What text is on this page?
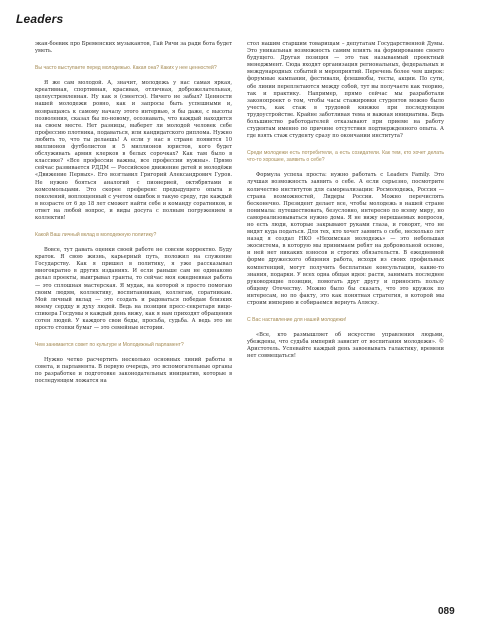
Leaders

экан-боевик про Бременских музыкантов, Гай Ричи за ради бота будет уметь.

Вы часто выступаете перед молодежью. Какая она? Каких у нее ценностей?

Я же сам молодой. А, значит, молодежь у нас самая яркая, креативная, спортивная, красивая, отличная, доброжелательная, целеустремленная. Ну как я (смеется). Ничего не забыл? Ценности нашей молодежи ровно, как и запросы быть успешными и, возвращаясь к самому началу этого интервью, я бы даже, с высоты позволения, сказал бы по-новому, осознавать, что каждый находится на своем месте. Нет разницы, выберет ли молодой человек себе профессию плотника, подаваться, или кандидатского диплома. Нужно любить то, что ты делаешь! А если у нас в стране появится 10 миллионов футболистов и 5 миллионов юристов, кого будет обслуживать армия клерков в белых сорочках? Как там было в классике? «Все профессии важны, все профессии нужны». Прямо сейчас развивается РДДМ — Российское движение детей и молодёжи «Движение Первых». Его возглавил Григорий Александрович Гуров. Не нужно бояться аналогий с пионерией, октябрятами и комсомольцами. Это скорее преференс предыдущего опыта и поколений, воплощенный с учетом ошибок в такую среду, где каждый в возрасте от 6 до 18 лет сможет найти себе и команду соратников, и ответ на любой вопрос, и виды досуга с полным погружением в коллектив!

Какой Ваш личный вклад в молодежную политику?

Вовсе, тут давать оценки своей работе не совсем корректно. Буду краток. Я свою жизнь, карьерный путь, положил на служение Государству. Как я пришел в политику, я уже рассказывал многократно в других изданиях. И если раньше сам не одинаково делал проекты, выигрывал гранты, то сейчас моя ежедневная работа — это сплошная мастерская. Я мудак, на которой я просто помогаю своим людям, коллективу, воспитанникам, коллегам, соратникам. Мой личный вклад — это создать и радоваться победам близких моему сердцу и духу людей. Ведь на позиции пресс-секретаря вице-спикера Госдумы я каждый день вижу, как я нам приходят обращения сотен людей. У каждого свои беды, просьба, судьба. А ведь это не просто стопки бумаг — это семейные истории.

Чем занимается совет по культуре и Молодежный парламент?

Нужно четко расчертить несколько основных линий работы в совета, и парламента. В первую очередь, это вспомогательные органы по разработке и подготовке законодательных инициатив, которые в последующем ложатся на

стол нашим старшим товарищам – депутатам Государственной Думы. Это уникальная возможность самим влиять на формирование своего будущего. Другая позиция — это так называемый проектный менеджмент. Сюда входят организация региональных, федеральных и международных событий и мероприятий. Перечень более чем широк: форумные кампании, фестивали, флешмобы, тесты, акции. По сути, обе линии переплетаются между собой, тут вы получаете как теорию, так и практику. Например, прямо сейчас мы разработали законопроект о том, чтобы часы стажировки студентов можно было учесть, как стаж в трудовой книжке при последующем трудоустройстве. Крайне заботливая тема и важная инициатива. Ведь большинство работодателей отказывают при приеме на работу студентам именно по причине отсутствия подтвержденного опыта. А где взять стаж студенту сразу по окончании института?

Среди молодежи есть потребители, а есть созидатели. Как тем, кто хочет делать что-то хорошее, заявить о себе?

Формула успеха проста: нужно работать с Leaders Family. Это лучшая возможность заявить о себе. А если серьезно, посмотрите количество институтов для самореализации: Росмолодежь, Россия — страна возможностей, Лидеры России. Можно перечислять бесконечно. Президент делает все, чтобы молодежь в нашей стране понимала: путешествовать, безусловно, интересно по всему миру, но самореализовываться нужно дома. Я не вижу нерешаемых вопросов, но есть люди, которые закрывают руками глаза, и говорят, что не видят куда податься. Для тех, кто хочет заявить о себе, несколько лет назад я создал НКО «Нехимская молодежь» — это небольшая экосистема, в которую мы принимаем ребят на добровольной основе, и ней нет никаких взносов и строгих обязательств. В ежедневной форме дружеского общения работа, исходя из своих профильных компетенций, могут получить бесплатные консультации, какие-то знания, подарки. У всех одна общая идея: расти, занимать последнее руководящие позиции, помогать друг другу и приносить пользу общему Отечеству. Можно было бы сказать, что это кружок по интересам, но по факту, это как понятная стратегия, в которой мы строим империю и собираемся вернуть Аляску.

С Вас наставление для нашей молодежи!

«Все, кто размышляет об искусстве управления людьми, убеждены, что судьба империй зависит от воспитания молодежи». © Аристотель. Успевайте каждый день завоевывать галактику, времени нет совмещаться!

089
